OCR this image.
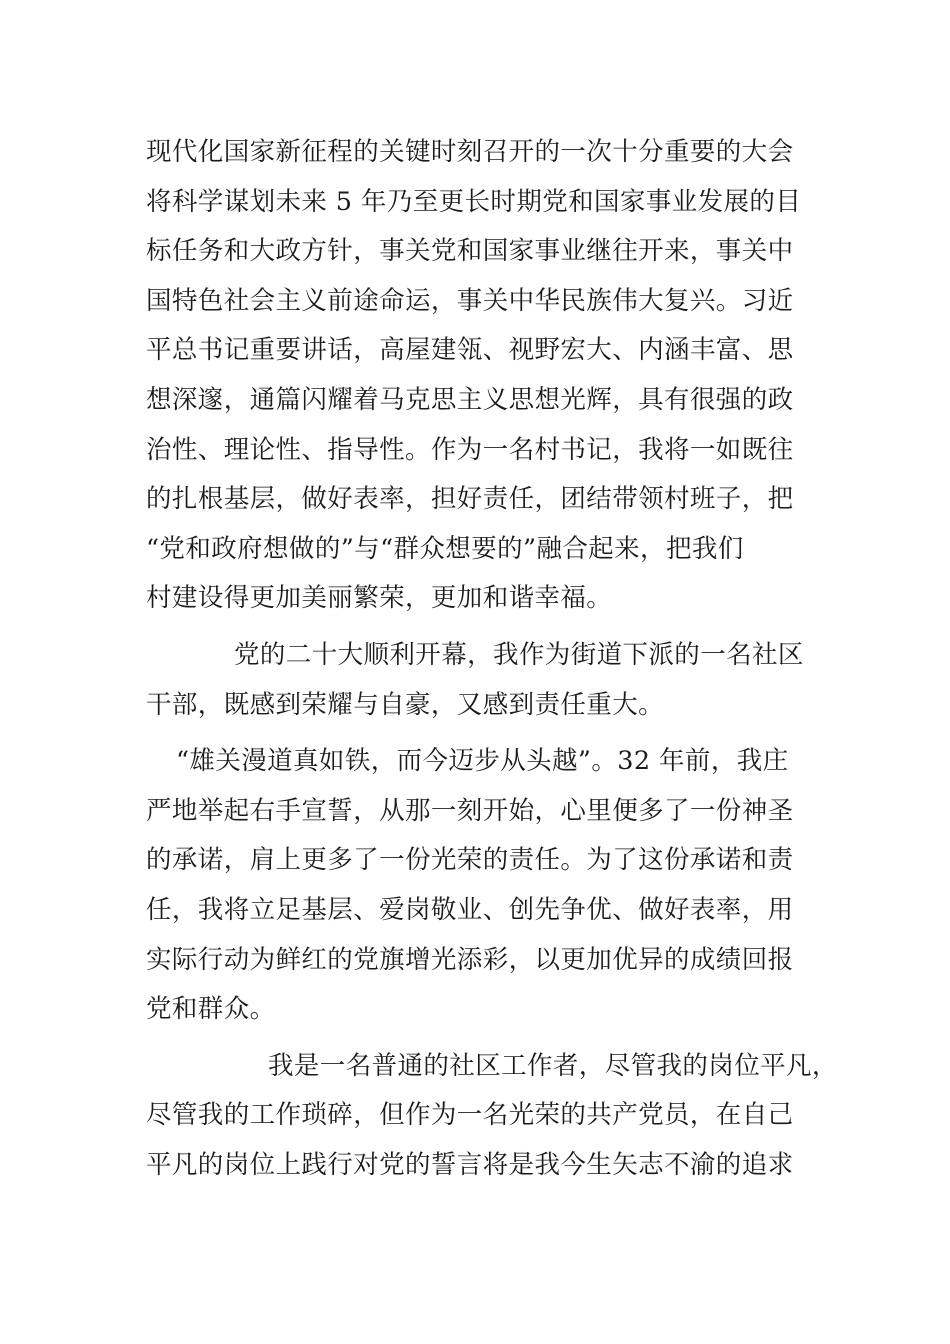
现代化国家新征程的关键时刻召开的一次十分重要的大会
将科学谋划未来 5 年乃至更长时期党和国家事业发展的目
标任务和大政方针，事关党和国家事业继往开来，事关中
国特色社会主义前途命运，事关中华民族伟大复兴。习近
平总书记重要讲话，高屋建瓴、视野宏大、内涵丰富、思
想深邃，通篇闪耀着马克思主义思想光辉，具有很强的政
治性、理论性、指导性。作为一名村书记，我将一如既往
的扎根基层，做好表率，担好责任，团结带领村班子，把
“党和政府想做的”与“群众想要的”融合起来，把我们
村建设得更加美丽繁荣，更加和谐幸福。
党的二十大顺利开幕，我作为街道下派的一名社区
干部，既感到荣耀与自豪，又感到责任重大。
“雄关漫道真如铁，而今迈步从头越”。32 年前，我庄
严地举起右手宣誓，从那一刻开始，心里便多了一份神圣
的承诺，肩上更多了一份光荣的责任。为了这份承诺和责
任，我将立足基层、爱岗敬业、创先争优、做好表率，用
实际行动为鲜红的党旗增光添彩，以更加优异的成绩回报
党和群众。
我是一名普通的社区工作者，尽管我的岗位平凡，
尽管我的工作琐碎，但作为一名光荣的共产党员，在自己
平凡的岗位上践行对党的誓言将是我今生矢志不渝的追求
